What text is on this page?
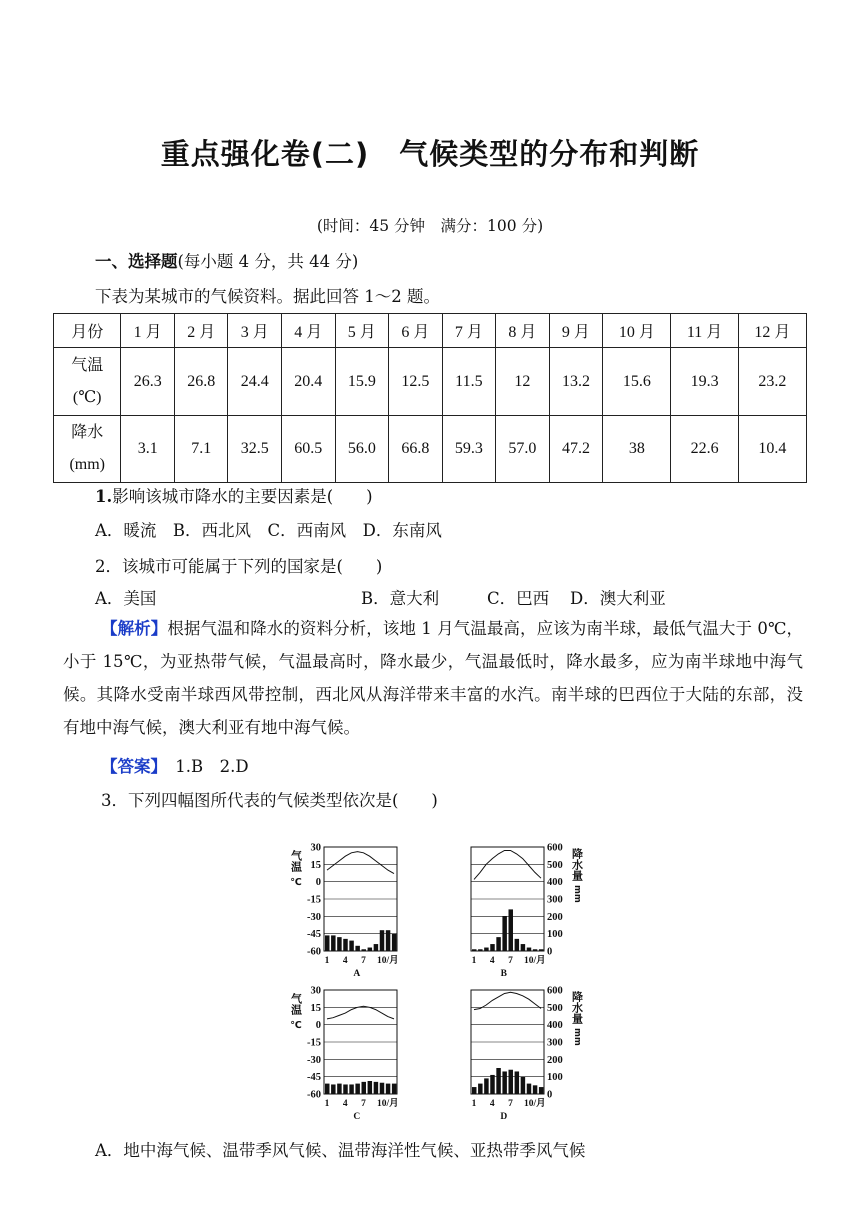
重点强化卷(二)　气候类型的分布和判断
(时间：45 分钟　满分：100 分)
一、选择题(每小题 4 分，共 44 分)
下表为某城市的气候资料。据此回答 1～2 题。
月份	1 月	2 月	3 月	4 月	5 月	6 月	7 月	8 月	9 月	10 月	11 月	12 月
气温
(℃)	26.3	26.8	24.4	20.4	15.9	12.5	11.5	12	13.2	15.6	19.3	23.2
降水
(mm)	3.1	7.1	32.5	60.5	56.0	66.8	59.3	57.0	47.2	38	22.6	10.4
1.影响该城市降水的主要因素是(　　)
A．暖流　B．西北风　C．西南风　D．东南风
2．该城市可能属于下列的国家是(　　)
A．美国	B．意大利	C．巴西 D．澳大利亚
【解析】根据气温和降水的资料分析，该地 1 月气温最高，应该为南半球，最低气温大于 0℃，小于 15℃，为亚热带气候，气温最高时，降水最少，气温最低时，降水最多，应为南半球地中海气候。其降水受南半球西风带控制，西北风从海洋带来丰富的水汽。南半球的巴西位于大陆的东部，没有地中海气候，澳大利亚有地中海气候。
【答案】　 1.B　2.D
3．下列四幅图所代表的气候类型依次是(　　)
气温
℃
1 4 7 10/月
A
30
15
0
-15
-30
-45
-60
降水量
mm
1 4 7 10/月
B
600
500
400
300
200
100
0
气温
℃
1 4 7 10/月
C
30
15
0
-15
-30
-45
-60
降水量
mm
1 4 7 10/月
D
600
500
400
300
200
100
0
A．地中海气候、温带季风气候、温带海洋性气候、亚热带季风气候
